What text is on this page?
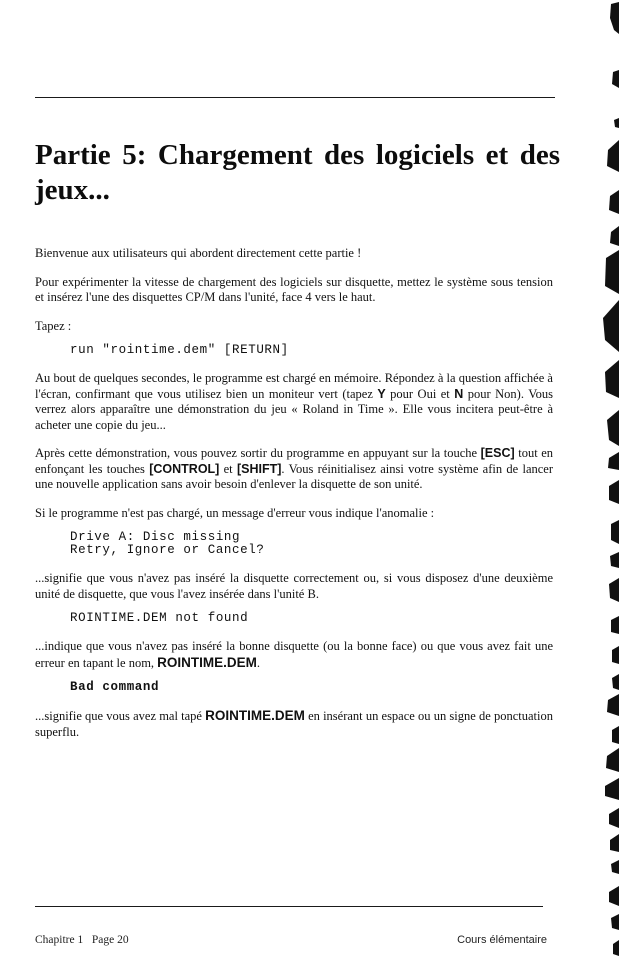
Partie 5: Chargement des logiciels et des jeux...

Bienvenue aux utilisateurs qui abordent directement cette partie !

Pour expérimenter la vitesse de chargement des logiciels sur disquette, mettez le système sous tension et insérez l'une des disquettes CP/M dans l'unité, face 4 vers le haut.

Tapez :

run "rointime.dem" [RETURN]

Au bout de quelques secondes, le programme est chargé en mémoire. Répondez à la question affichée à l'écran, confirmant que vous utilisez bien un moniteur vert (tapez Y pour Oui et N pour Non). Vous verrez alors apparaître une démonstration du jeu « Roland in Time ». Elle vous incitera peut-être à acheter une copie du jeu...

Après cette démonstration, vous pouvez sortir du programme en appuyant sur la touche [ESC] tout en enfonçant les touches [CONTROL] et [SHIFT]. Vous réinitialisez ainsi votre système afin de lancer une nouvelle application sans avoir besoin d'enlever la disquette de son unité.

Si le programme n'est pas chargé, un message d'erreur vous indique l'anomalie :

Drive A: Disc missing
Retry, Ignore or Cancel?

...signifie que vous n'avez pas inséré la disquette correctement ou, si vous disposez d'une deuxième unité de disquette, que vous l'avez insérée dans l'unité B.

ROINTIME.DEM not found

...indique que vous n'avez pas inséré la bonne disquette (ou la bonne face) ou que vous avez fait une erreur en tapant le nom, ROINTIME.DEM.

Bad command

...signifie que vous avez mal tapé ROINTIME.DEM en insérant un espace ou un signe de ponctuation superflu.

Chapitre 1   Page 20	Cours élémentaire
